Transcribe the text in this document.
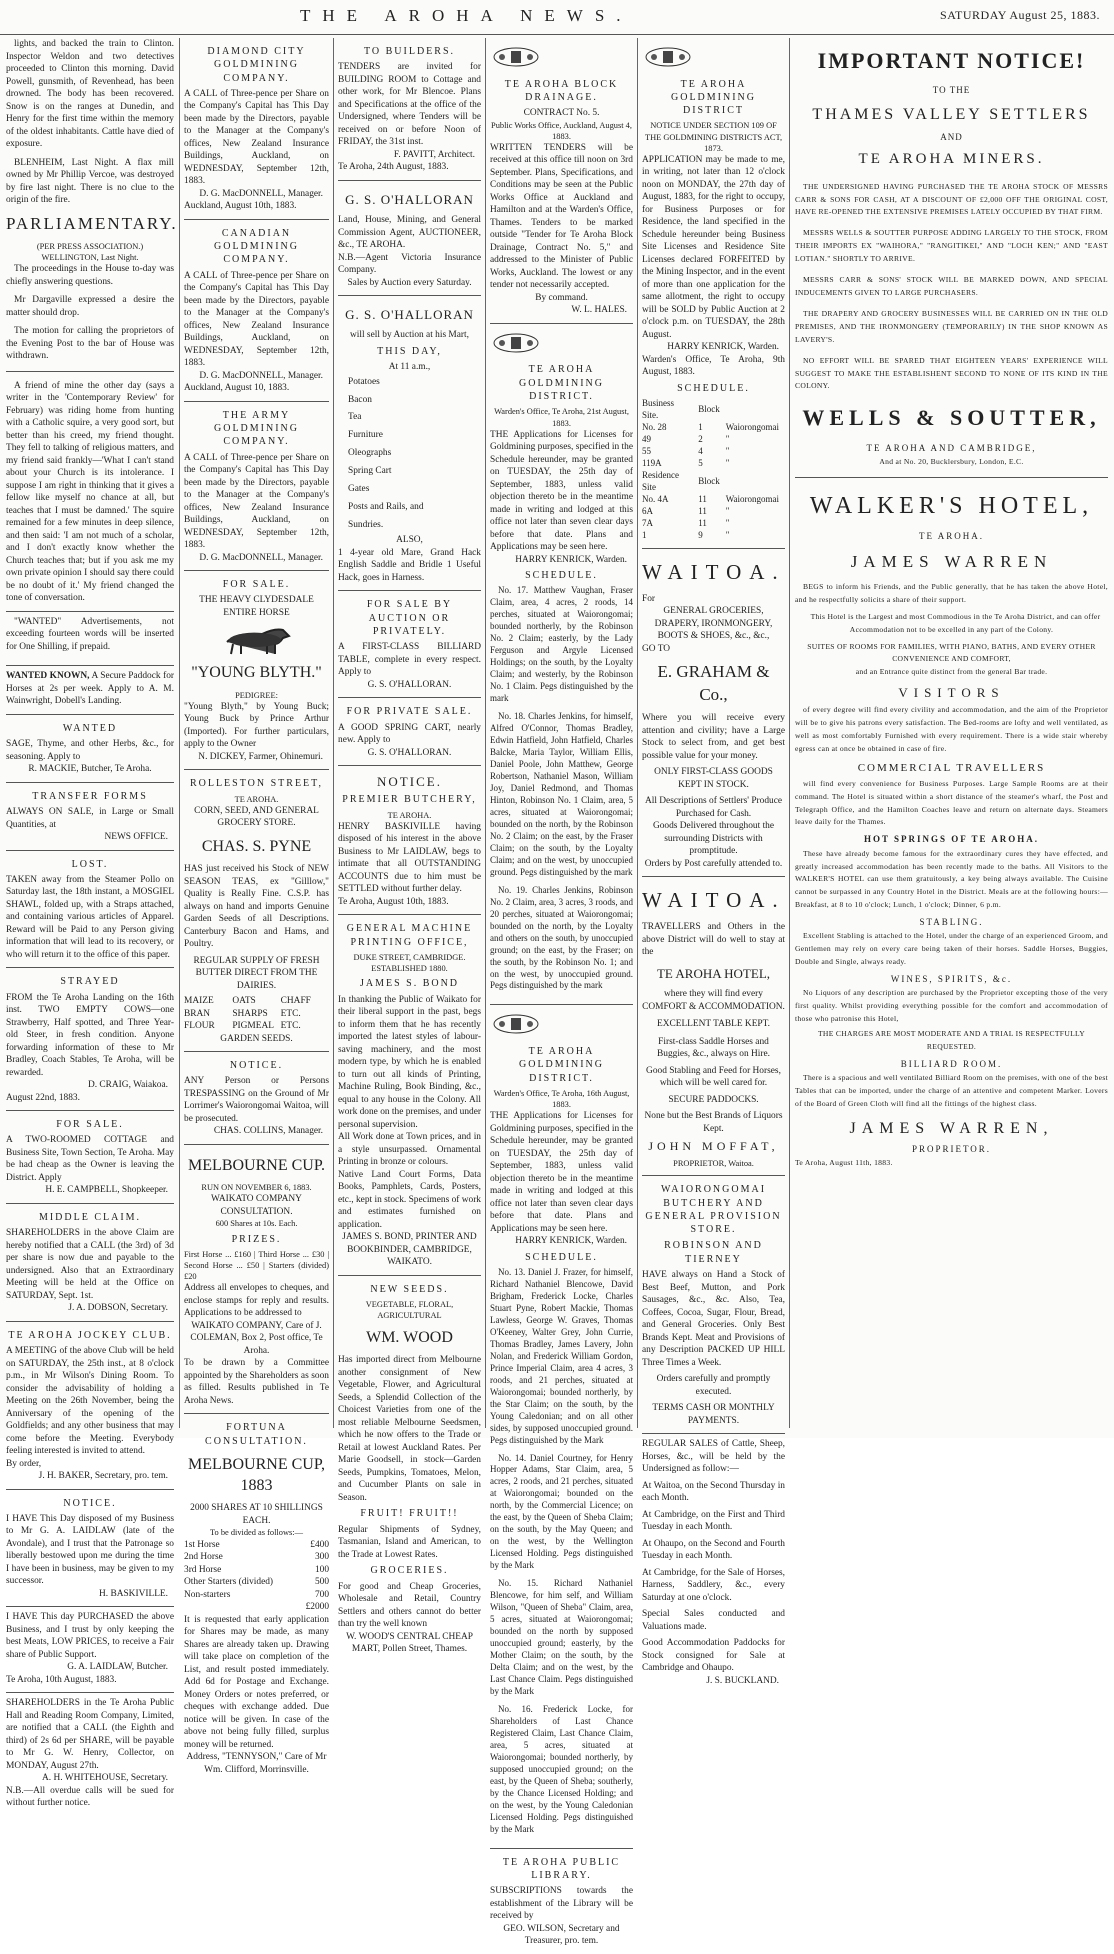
THE AROHA NEWS.	SATURDAY August 25, 1883.

lights, and backed the train to Clinton. Inspector Weldon and two detectives proceeded to Clinton this morning. David Powell, gunsmith, of Revenhead, has been drowned. The body has been recovered. Snow is on the ranges at Dunedin, and Henry for the first time within the memory of the oldest inhabitants. Cattle have died of exposure.

BLENHEIM, Last Night. A flax mill owned by Mr Phillip Vercoe, was destroyed by fire last night. There is no clue to the origin of the fire.

PARLIAMENTARY.
(PER PRESS ASSOCIATION.)
WELLINGTON, Last Night.

The proceedings in the House to-day was chiefly answering questions.

Mr Dargaville expressed a desire the matter should drop.

The motion for calling the proprietors of the Evening Post to the bar of House was withdrawn.

A friend of mine the other day (says a writer in the 'Contemporary Review' for February) was riding home from hunting with a Catholic squire, a very good sort, but better than his creed, my friend thought. They fell to talking of religious matters, and my friend said frankly—'What I can't stand about your Church is its intolerance. I suppose I am right in thinking that it gives a fellow like myself no chance at all, but teaches that I must be damned.' The squire remained for a few minutes in deep silence, and then said: 'I am not much of a scholar, and I don't exactly know whether the Church teaches that; but if you ask me my own private opinion I should say there could be no doubt of it.' My friend changed the tone of conversation.

"WANTED" Advertisements, not exceeding fourteen words will be inserted for One Shilling, if prepaid.

WANTED KNOWN, A Secure Paddock for Horses at 2s per week. Apply to A. M. Wainwright, Dobell's Landing.
WANTED
SAGE, Thyme, and other Herbs, &c., for seasoning. Apply to
R. MACKIE, Butcher, Te Aroha.
TRANSFER FORMS
ALWAYS ON SALE, in Large or Small Quantities, at
NEWS OFFICE.
LOST.
TAKEN away from the Steamer Pollo on Saturday last, the 18th instant, a MOSGIEL SHAWL, folded up, with a Straps attached, and containing various articles of Apparel. Reward will be Paid to any Person giving information that will lead to its recovery, or who will return it to the office of this paper.
STRAYED
FROM the Te Aroha Landing on the 16th inst. TWO EMPTY COWS—one Strawberry, Half spotted, and Three Year-old Steer, in fresh condition. Anyone forwarding information of these to Mr Bradley, Coach Stables, Te Aroha, will be rewarded.
D. CRAIG, Waiakoa.
August 22nd, 1883.
FOR SALE.
A TWO-ROOMED COTTAGE and Business Site, Town Section, Te Aroha. May be had cheap as the Owner is leaving the District. Apply
H. E. CAMPBELL, Shopkeeper.
MIDDLE CLAIM.
SHAREHOLDERS in the above Claim are hereby notified that a CALL (the 3rd) of 3d per share is now due and payable to the undersigned. Also that an Extraordinary Meeting will be held at the Office on SATURDAY, Sept. 1st.
J. A. DOBSON, Secretary.
TE AROHA JOCKEY CLUB.
A MEETING of the above Club will be held on SATURDAY, the 25th inst., at 8 o'clock p.m., in Mr Wilson's Dining Room. To consider the advisability of holding a Meeting on the 26th November, being the Anniversary of the opening of the Goldfields; and any other business that may come before the Meeting. Everybody feeling interested is invited to attend.
By order,
J. H. BAKER, Secretary, pro. tem.
NOTICE.
I HAVE This Day disposed of my Business to Mr G. A. LAIDLAW (late of the Avondale), and I trust that the Patronage so liberally bestowed upon me during the time I have been in business, may be given to my successor.
H. BASKIVILLE.
I HAVE This day PURCHASED the above Business, and I trust by only keeping the best Meats, LOW PRICES, to receive a Fair share of Public Support.
G. A. LAIDLAW, Butcher.
Te Aroha, 10th August, 1883.
SHAREHOLDERS in the Te Aroha Public Hall and Reading Room Company, Limited, are notified that a CALL (the Eighth and third) of 2s 6d per SHARE, will be payable to Mr G. W. Henry, Collector, on MONDAY, August 27th.
A. H. WHITEHOUSE, Secretary.
N.B.—All overdue calls will be sued for without further notice.
DIAMOND CITY GOLDMINING COMPANY.
A CALL of Three-pence per Share on the Company's Capital has This Day been made by the Directors, payable to the Manager at the Company's offices, New Zealand Insurance Buildings, Auckland, on WEDNESDAY, September 12th, 1883.
D. G. MacDONNELL, Manager.
Auckland, August 10th, 1883.
CANADIAN GOLDMINING COMPANY.
A CALL of Three-pence per Share on the Company's Capital has This Day been made by the Directors, payable to the Manager at the Company's offices, New Zealand Insurance Buildings, Auckland, on WEDNESDAY, September 12th, 1883.
D. G. MacDONNELL, Manager.
Auckland, August 10, 1883.
THE ARMY GOLDMINING COMPANY.
A CALL of Three-pence per Share on the Company's Capital has This Day been made by the Directors, payable to the Manager at the Company's offices, New Zealand Insurance Buildings, Auckland, on WEDNESDAY, September 12th, 1883.
D. G. MacDONNELL, Manager.
FOR SALE.
THE HEAVY CLYDESDALE ENTIRE HORSE
"YOUNG BLYTH."
PEDIGREE:
"Young Blyth," by Young Buck; Young Buck by Prince Arthur (Imported). For further particulars, apply to the Owner
N. DICKEY, Farmer, Ohinemuri.
ROLLESTON STREET,
TE AROHA.
CORN, SEED, AND GENERAL GROCERY STORE.
CHAS. S. PYNE
HAS just received his Stock of NEW SEASON TEAS, ex "Gilllow," Quality is Really Fine. C.S.P. has always on hand and imports Genuine Garden Seeds of all Descriptions. Canterbury Bacon and Hams, and Poultry.
REGULAR SUPPLY OF FRESH BUTTER DIRECT FROM THE DAIRIES.
MAIZE	OATS	CHAFF
BRAN	SHARPS	ETC.
FLOUR	PIGMEAL ETC.
GARDEN SEEDS.
NOTICE.
ANY Person or Persons TRESPASSING on the Ground of Mr Lorrimer's Waiorongomai Waitoa, will be prosecuted.
CHAS. COLLINS, Manager.
MELBOURNE CUP.
RUN ON NOVEMBER 6, 1883.
WAIKATO COMPANY CONSULTATION.
600 Shares at 10s. Each.
PRIZES.
First Horse ... £160 | Third Horse ... £30 | Second Horse ... £50 | Starters (divided) £20
Address all envelopes to cheques, and enclose stamps for reply and results. Applications to be addressed to
WAIKATO COMPANY, Care of J. COLEMAN, Box 2, Post office, Te Aroha.
To be drawn by a Committee appointed by the Shareholders as soon as filled. Results published in Te Aroha News.
FORTUNA CONSULTATION.
MELBOURNE CUP, 1883
2000 SHARES AT 10 SHILLINGS EACH.
To be divided as follows:—
1st Horse	£400
2nd Horse	300
3rd Horse	100
Other Starters (divided)	500
Non-starters	700
£2000
It is requested that early application for Shares may be made, as many Shares are already taken up. Drawing will take place on completion of the List, and result posted immediately. Add 6d for Postage and Exchange. Money Orders or notes preferred, or cheques with exchange added. Due notice will be given. In case of the above not being fully filled, surplus money will be returned.
Address, "TENNYSON," Care of Mr Wm. Clifford, Morrinsville.
TO BUILDERS.
TENDERS are invited for BUILDING ROOM to Cottage and other work, for Mr Blencoe. Plans and Specifications at the office of the Undersigned, where Tenders will be received on or before Noon of FRIDAY, the 31st inst.
F. PAVITT, Architect.
Te Aroha, 24th August, 1883.
G. S. O'HALLORAN
Land, House, Mining, and General Commission Agent, AUCTIONEER, &c., TE AROHA.
N.B.—Agent Victoria Insurance Company.
Sales by Auction every Saturday.
G. S. O'HALLORAN
will sell by Auction at his Mart,
THIS DAY,
At 11 a.m.,
Potatoes
Bacon
Tea
Furniture
Oleographs
Spring Cart
Gates
Posts and Rails, and
Sundries.
ALSO,
1 4-year old Mare, Grand Hack English Saddle and Bridle 1 Useful Hack, goes in Harness.
FOR SALE BY AUCTION OR PRIVATELY.
A FIRST-CLASS BILLIARD TABLE, complete in every respect. Apply to
G. S. O'HALLORAN.
FOR PRIVATE SALE.
A GOOD SPRING CART, nearly new. Apply to
G. S. O'HALLORAN.
NOTICE.
PREMIER BUTCHERY,
TE AROHA.
HENRY BASKIVILLE having disposed of his interest in the above Business to Mr LAIDLAW, begs to intimate that all OUTSTANDING ACCOUNTS due to him must be SETTLED without further delay.
Te Aroha, August 10th, 1883.
GENERAL MACHINE PRINTING OFFICE,
DUKE STREET, CAMBRIDGE.
ESTABLISHED 1880.
JAMES S. BOND
In thanking the Public of Waikato for their liberal support in the past, begs to inform them that he has recently imported the latest styles of labour-saving machinery, and the most modern type, by which he is enabled to turn out all kinds of Printing, Machine Ruling, Book Binding, &c., equal to any house in the Colony. All work done on the premises, and under personal supervision.
All Work done at Town prices, and in a style unsurpassed. Ornamental Printing in bronze or colours.
Native Land Court Forms, Data Books, Pamphlets, Cards, Posters, etc., kept in stock. Specimens of work and estimates furnished on application.
JAMES S. BOND, PRINTER AND BOOKBINDER, CAMBRIDGE, WAIKATO.
NEW SEEDS.
VEGETABLE, FLORAL, AGRICULTURAL
WM. WOOD
Has imported direct from Melbourne another consignment of New Vegetable, Flower, and Agricultural Seeds, a Splendid Collection of the Choicest Varieties from one of the most reliable Melbourne Seedsmen, which he now offers to the Trade or Retail at lowest Auckland Rates. Per Marie Goodsell, in stock—Garden Seeds, Pumpkins, Tomatoes, Melon, and Cucumber Plants on sale in Season.
FRUIT! FRUIT!!
Regular Shipments of Sydney, Tasmanian, Island and American, to the Trade at Lowest Rates.
GROCERIES.
For good and Cheap Groceries, Wholesale and Retail, Country Settlers and others cannot do better than try the well known
W. WOOD'S CENTRAL CHEAP MART, Pollen Street, Thames.
TE AROHA BLOCK DRAINAGE.
CONTRACT No. 5.
Public Works Office, Auckland, August 4, 1883.
WRITTEN TENDERS will be received at this office till noon on 3rd September. Plans, Specifications, and Conditions may be seen at the Public Works Office at Auckland and Hamilton and at the Warden's Office, Thames. Tenders to be marked outside "Tender for Te Aroha Block Drainage, Contract No. 5," and addressed to the Minister of Public Works, Auckland. The lowest or any tender not necessarily accepted.
By command.
W. L. HALES.
TE AROHA GOLDMINING DISTRICT.
Warden's Office, Te Aroha, 21st August, 1883.
THE Applications for Licenses for Goldmining purposes, specified in the Schedule hereunder, may be granted on TUESDAY, the 25th day of September, 1883, unless valid objection thereto be in the meantime made in writing and lodged at this office not later than seven clear days before that date. Plans and Applications may be seen here.
HARRY KENRICK, Warden.
SCHEDULE.

No. 17. Matthew Vaughan, Fraser Claim, area, 4 acres, 2 roods, 14 perches, situated at Waiorongomai; bounded northerly, by the Robinson No. 2 Claim; easterly, by the Lady Ferguson and Argyle Licensed Holdings; on the south, by the Loyalty Claim; and westerly, by the Robinson No. 1 Claim. Pegs distinguished by the mark

No. 18. Charles Jenkins, for himself, Alfred O'Connor, Thomas Bradley, Edwin Hatfield, John Hatfield, Charles Balcke, Maria Taylor, William Ellis, Daniel Poole, John Matthew, George Robertson, Nathaniel Mason, William Joy, Daniel Redmond, and Thomas Hinton, Robinson No. 1 Claim, area, 5 acres, situated at Waiorongomai; bounded on the north, by the Robinson No. 2 Claim; on the east, by the Fraser Claim; on the south, by the Loyalty Claim; and on the west, by unoccupied ground. Pegs distinguished by the mark

No. 19. Charles Jenkins, Robinson No. 2 Claim, area, 3 acres, 3 roods, and 20 perches, situated at Waiorongomai; bounded on the north, by the Loyalty and others on the south, by unoccupied ground; on the east, by the Fraser; on the south, by the Robinson No. 1; and on the west, by unoccupied ground. Pegs distinguished by the mark

TE AROHA GOLDMINING DISTRICT.
Warden's Office, Te Aroha, 16th August, 1883.
THE Applications for Licenses for Goldmining purposes, specified in the Schedule hereunder, may be granted on TUESDAY, the 25th day of September, 1883, unless valid objection thereto be in the meantime made in writing and lodged at this office not later than seven clear days before that date. Plans and Applications may be seen here.
HARRY KENRICK, Warden.
SCHEDULE.

No. 13. Daniel J. Frazer, for himself, Richard Nathaniel Blencowe, David Brigham, Frederick Locke, Charles Stuart Pyne, Robert Mackie, Thomas Lawless, George W. Graves, Thomas O'Keeney, Walter Grey, John Currie, Thomas Bradley, James Lavery, John Nolan, and Frederick William Gordon, Prince Imperial Claim, area 4 acres, 3 roods, and 21 perches, situated at Waiorongomai; bounded northerly, by the Star Claim; on the south, by the Young Caledonian; and on all other sides, by supposed unoccupied ground. Pegs distinguished by the Mark

No. 14. Daniel Courtney, for Henry Hopper Adams, Star Claim, area, 5 acres, 2 roods, and 21 perches, situated at Waiorongomai; bounded on the north, by the Commercial Licence; on the east, by the Queen of Sheba Claim; on the south, by the May Queen; and on the west, by the Wellington Licensed Holding. Pegs distinguished by the Mark

No. 15. Richard Nathaniel Blencowe, for him self, and William Wilson, "Queen of Sheba" Claim, area, 5 acres, situated at Waiorongomai; bounded on the north by supposed unoccupied ground; easterly, by the Mother Claim; on the south, by the Delta Claim; and on the west, by the Last Chance Claim. Pegs distinguished by the Mark

No. 16. Frederick Locke, for Shareholders of Last Chance Registered Claim, Last Chance Claim, area, 5 acres, situated at Waiorongomai; bounded northerly, by supposed unoccupied ground; on the east, by the Queen of Sheba; southerly, by the Chance Licensed Holding; and on the west, by the Young Caledonian Licensed Holding. Pegs distinguished by the Mark

TE AROHA PUBLIC LIBRARY.
SUBSCRIPTIONS towards the establishment of the Library will be received by
GEO. WILSON, Secretary and Treasurer, pro. tem.
TE AROHA GOLDMINING DISTRICT
NOTICE UNDER SECTION 109 OF THE GOLDMINING DISTRICTS ACT, 1873.
APPLICATION may be made to me, in writing, not later than 12 o'clock noon on MONDAY, the 27th day of August, 1883, for the right to occupy, for Business Purposes or for Residence, the land specified in the Schedule hereunder being Business Site Licenses and Residence Site Licenses declared FORFEITED by the Mining Inspector, and in the event of more than one application for the same allotment, the right to occupy will be SOLD by Public Auction at 2 o'clock p.m. on TUESDAY, the 28th August.
HARRY KENRICK, Warden.
Warden's Office, Te Aroha, 9th August, 1883.
SCHEDULE.
Business Site.	Block	
No. 28	1	Waiorongomai
49	2	"
55	4	"
119A	5	"
Residence Site	Block	
No. 4A	11	Waiorongomai
6A	11	"
7A	11	"
1	9	"
WAITOA.
For
GENERAL GROCERIES, DRAPERY, IRONMONGERY, BOOTS & SHOES, &c., &c.,
GO TO
E. GRAHAM & Co.,
Where you will receive every attention and civility; have a Large Stock to select from, and get best possible value for your money.
ONLY FIRST-CLASS GOODS KEPT IN STOCK.
All Descriptions of Settlers' Produce Purchased for Cash.
Goods Delivered throughout the surrounding Districts with promptitude.
Orders by Post carefully attended to.
WAITOA.
TRAVELLERS and Others in the above District will do well to stay at the
TE AROHA HOTEL,
where they will find every
COMFORT & ACCOMMODATION.
EXCELLENT TABLE KEPT.
First-class Saddle Horses and Buggies, &c., always on Hire.
Good Stabling and Feed for Horses, which will be well cared for.
SECURE PADDOCKS.
None but the Best Brands of Liquors Kept.
JOHN MOFFAT,
PROPRIETOR, Waitoa.
WAIORONGOMAI BUTCHERY AND GENERAL PROVISION STORE.
ROBINSON AND TIERNEY
HAVE always on Hand a Stock of Best Beef, Mutton, and Pork Sausages, &c., &c. Also, Tea, Coffees, Cocoa, Sugar, Flour, Bread, and General Groceries. Only Best Brands Kept. Meat and Provisions of any Description PACKED UP HILL Three Times a Week.
Orders carefully and promptly executed.
TERMS CASH OR MONTHLY PAYMENTS.
REGULAR SALES of Cattle, Sheep, Horses, &c., will be held by the Undersigned as follow:—
At Waitoa, on the Second Thursday in each Month.
At Cambridge, on the First and Third Tuesday in each Month.
At Ohaupo, on the Second and Fourth Tuesday in each Month.
At Cambridge, for the Sale of Horses, Harness, Saddlery, &c., every Saturday at one o'clock.
Special Sales conducted and Valuations made.
Good Accommodation Paddocks for Stock consigned for Sale at Cambridge and Ohaupo.
J. S. BUCKLAND.
IMPORTANT NOTICE!
TO THE
THAMES VALLEY SETTLERS
AND
TE AROHA MINERS.

THE UNDERSIGNED HAVING PURCHASED THE TE AROHA STOCK OF MESSRS CARR & SONS FOR CASH, AT A DISCOUNT OF £2,000 OFF THE ORIGINAL COST, HAVE RE-OPENED THE EXTENSIVE PREMISES LATELY OCCUPIED BY THAT FIRM.

MESSRS WELLS & SOUTTER PURPOSE ADDING LARGELY TO THE STOCK, FROM THEIR IMPORTS EX "WAIHORA," "RANGITIKEI," AND "LOCH KEN;" AND "EAST LOTIAN." SHORTLY TO ARRIVE.

MESSRS CARR & SONS' STOCK WILL BE MARKED DOWN, AND SPECIAL INDUCEMENTS GIVEN TO LARGE PURCHASERS.

THE DRAPERY AND GROCERY BUSINESSES WILL BE CARRIED ON IN THE OLD PREMISES, AND THE IRONMONGERY (TEMPORARILY) IN THE SHOP KNOWN AS LAVERY'S.

NO EFFORT WILL BE SPARED THAT EIGHTEEN YEARS' EXPERIENCE WILL SUGGEST TO MAKE THE ESTABLISHENT SECOND TO NONE OF ITS KIND IN THE COLONY.

WELLS & SOUTTER,
TE AROHA AND CAMBRIDGE,
And at No. 20, Bucklersbury, London, E.C.
WALKER'S HOTEL,
TE AROHA.
JAMES WARREN

BEGS to inform his Friends, and the Public generally, that he has taken the above Hotel, and he respectfully solicits a share of their support.

This Hotel is the Largest and most Commodious in the Te Aroha District, and can offer Accommodation not to be excelled in any part of the Colony.

SUITES OF ROOMS FOR FAMILIES, WITH PIANO, BATHS, AND EVERY OTHER CONVENIENCE AND COMFORT,
and an Entrance quite distinct from the general Bar trade.
VISITORS

of every degree will find every civility and accommodation, and the aim of the Proprietor will be to give his patrons every satisfaction. The Bed-rooms are lofty and well ventilated, as well as most comfortably Furnished with every requirement. There is a wide stair whereby egress can at once be obtained in case of fire.

COMMERCIAL TRAVELLERS

will find every convenience for Business Purposes. Large Sample Rooms are at their command. The Hotel is situated within a short distance of the steamer's wharf, the Post and Telegraph Office, and the Hamilton Coaches leave and return on alternate days. Steamers leave daily for the Thames.

HOT SPRINGS OF TE AROHA.

These have already become famous for the extraordinary cures they have effected, and greatly increased accommodation has been recently made to the baths. All Visitors to the WALKER'S HOTEL can use them gratuitously, a key being always available. The Cuisine cannot be surpassed in any Country Hotel in the District. Meals are at the following hours:—Breakfast, at 8 to 10 o'clock; Lunch, 1 o'clock; Dinner, 6 p.m.

STABLING.

Excellent Stabling is attached to the Hotel, under the charge of an experienced Groom, and Gentlemen may rely on every care being taken of their horses. Saddle Horses, Buggies, Double and Single, always ready.

WINES, SPIRITS, &c.

No Liquors of any description are purchased by the Proprietor excepting those of the very first quality. Whilst providing everything possible for the comfort and accommodation of those who patronise this Hotel,

THE CHARGES ARE MOST MODERATE AND A TRIAL IS RESPECTFULLY REQUESTED.
BILLIARD ROOM.

There is a spacious and well ventilated Billiard Room on the premises, with one of the best Tables that can be imported, under the charge of an attentive and competent Marker. Lovers of the Board of Green Cloth will find all the fittings of the highest class.

JAMES WARREN,
PROPRIETOR.
Te Aroha, August 11th, 1883.
